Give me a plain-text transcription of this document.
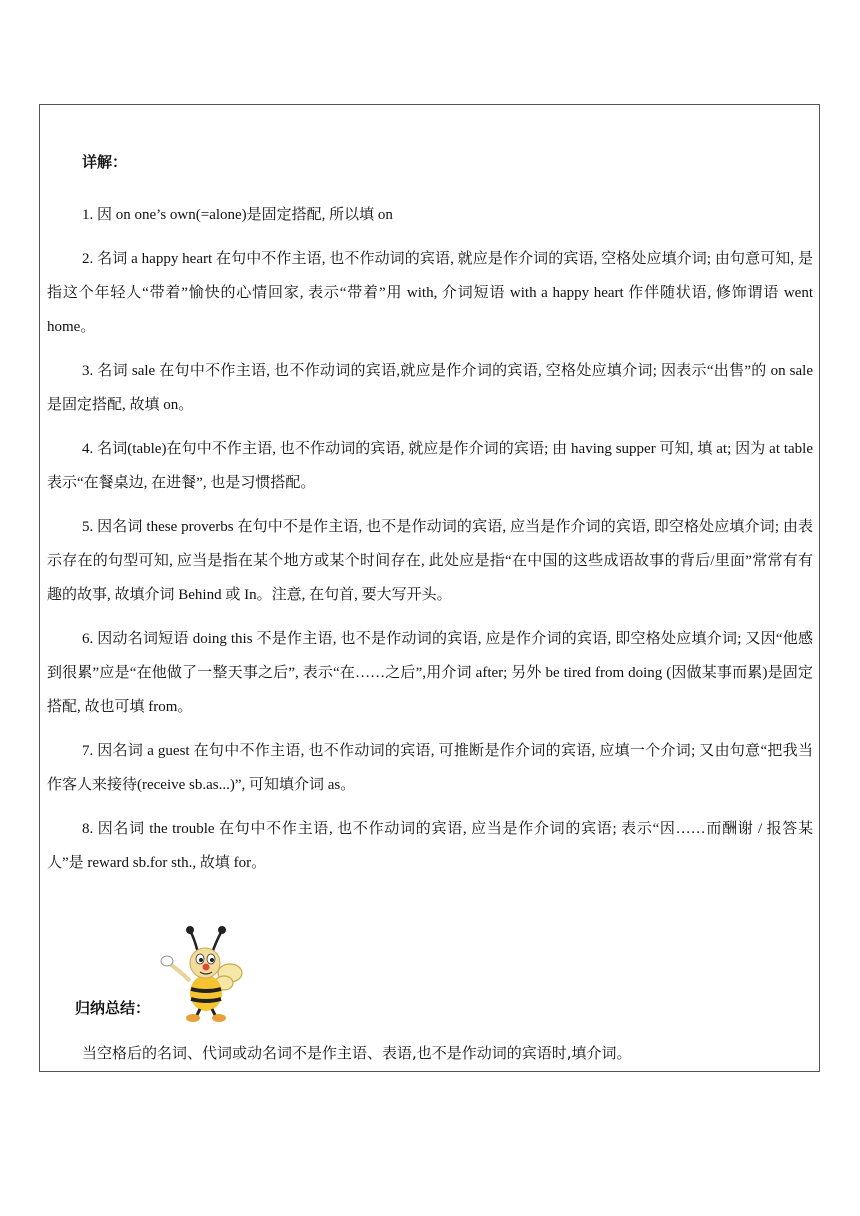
详解：

1. 因 on one’s own(=alone)是固定搭配, 所以填 on

2. 名词 a happy heart 在句中不作主语, 也不作动词的宾语, 就应是作介词的宾语, 空格处应填介词; 由句意可知, 是指这个年轻人“带着”愉快的心情回家, 表示“带着”用 with, 介词短语 with a happy heart 作伴随状语, 修饰谓语 went home。

3. 名词 sale 在句中不作主语, 也不作动词的宾语,就应是作介词的宾语, 空格处应填介词; 因表示“出售”的 on sale 是固定搭配, 故填 on。

4. 名词(table)在句中不作主语, 也不作动词的宾语, 就应是作介词的宾语; 由 having supper 可知, 填 at; 因为 at table 表示“在餐桌边, 在进餐”, 也是习惯搭配。

5. 因名词 these proverbs 在句中不是作主语, 也不是作动词的宾语, 应当是作介词的宾语, 即空格处应填介词; 由表示存在的句型可知, 应当是指在某个地方或某个时间存在, 此处应是指“在中国的这些成语故事的背后/里面”常常有有趣的故事, 故填介词 Behind 或 In。注意, 在句首, 要大写开头。

6. 因动名词短语 doing this 不是作主语, 也不是作动词的宾语, 应是作介词的宾语, 即空格处应填介词; 又因“他感到很累”应是“在他做了一整天事之后”, 表示“在……之后”,用介词 after; 另外 be tired from doing (因做某事而累)是固定搭配, 故也可填 from。

7. 因名词 a guest 在句中不作主语, 也不作动词的宾语, 可推断是作介词的宾语, 应填一个介词; 又由句意“把我当作客人来接待(receive sb.as...)”, 可知填介词 as。

8. 因名词 the trouble 在句中不作主语, 也不作动词的宾语, 应当是作介词的宾语; 表示“因……而酬谢 / 报答某人”是 reward sb.for sth., 故填 for。

归纳总结：
当空格后的名词、代词或动名词不是作主语、表语,也不是作动词的宾语时,填介词。
